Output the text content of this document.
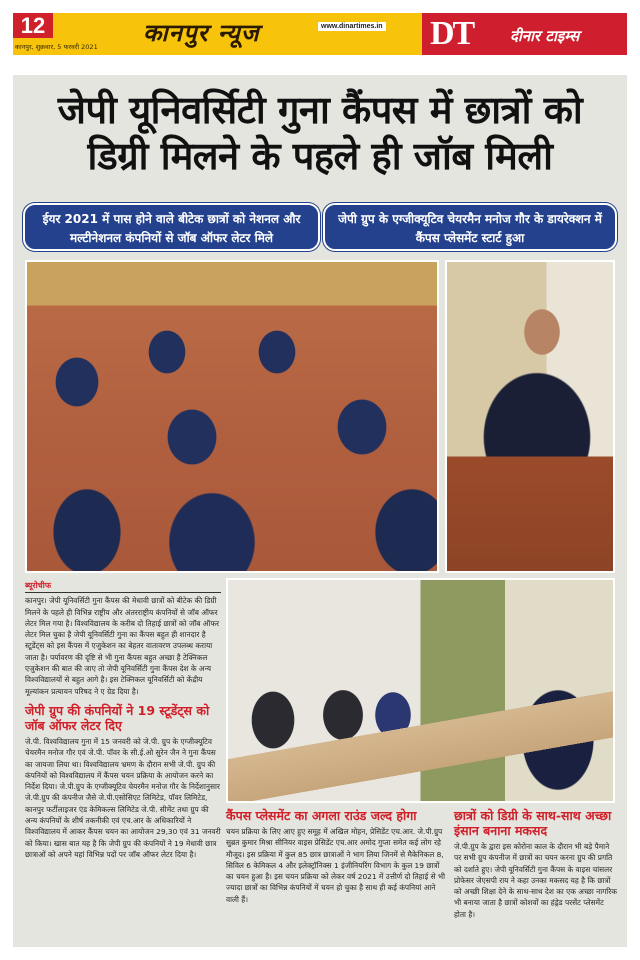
12
कानपुर, शुक्रवार, 5 फरवरी 2021 कानपुर न्यूज	www.dinartimes.in DT दीनार टाइम्स
जेपी यूनिवर्सिटी गुना कैंपस में छात्रों को डिग्री मिलने के पहले ही जॉब मिली
ईयर 2021 में पास होने वाले बीटेक छात्रों को नेशनल और मल्टीनेशनल कंपनियों से जॉब ऑफर लेटर मिले
जेपी ग्रुप के एग्जीक्यूटिव चेयरमैन मनोज गौर के डायरेक्शन में कैंपस प्लेसमेंट स्टार्ट हुआ
ब्यूरोचीफ

कानपुर। जेपी यूनिवर्सिटी गुना कैंपस की मेधावी छात्रों को बीटेक की डिग्री मिलने के पहले ही विभिन्न राष्ट्रीय और अंतरराष्ट्रीय कंपनियों से जॉब ऑफर लेटर मिल गया है। विश्वविद्यालय के करीब दो तिहाई छात्रों को जॉब ऑफर लेटर मिल चुका है जेपी यूनिवर्सिटी गुना का कैंपस बहुत ही शानदार है स्टूडेंट्स को इस कैंपस में एजुकेशन का बेहतर वातावरण उपलब्ध कराया जाता है। पर्यावरण की दृष्टि से भी गुना कैंपस बहुत अच्छा है टेक्निकल एजुकेशन की बात की जाए तो जेपी यूनिवर्सिटी गुना कैंपस देश के अन्य विश्वविद्यालयों से बहुत आगे है। इस टेक्निकल यूनिवर्सिटी को केंद्रीय मूल्यांकन प्रत्यायन परिषद ने ए ग्रेड दिया है।

जेपी ग्रुप की कंपनियों ने 19 स्टूडेंट्स को जॉब ऑफर लेटर दिए

जे.पी. विश्वविद्यालय गुना में 15 जनवरी को जे.पी. ग्रुप के एग्जीक्यूटिव चेयरमैन मनोज गौर एवं जे.पी. पॉवर के सी.ई.ओ सुरेन जैन ने गुना कैंपस का जायजा लिया था। विश्वविद्यालय भ्रमण के दौरान सभी जे.पी. ग्रुप की कंपनियों को विश्वविद्यालय में कैंपस चयन प्रक्रिया के आयोजन करने का निर्देश दिया। जे.पी.ग्रुप के एग्जीक्यूटिव चेयरमैन मनोज गौर के निर्देशानुसार जे.पी.ग्रुप की कंपनीज जैसे जे.पी.एसोसिएट लिमिटेड, पॉवर लिमिटेड, कानपुर फर्टीलाइजर एंड केमिकल्स लिमिटेड जे.पी. सीमेंट तथा ग्रुप की अन्य कंपनियों के शीर्ष तकनीकी एवं एच.आर के अधिकारियों ने विश्वविद्यालय में आकर कैंपस चयन का आयोजन 29,30 एवं 31 जनवरी को किया। खास बात यह है कि जेपी ग्रुप की कंपनियों ने 19 मेधावी छात्र छात्राओं को अपने यहां विभिन्न पदों पर जॉब ऑफर लेटर दिया है।

कैंपस प्लेसमेंट का अगला राउंड जल्द होगा

चयन प्रक्रिया के लिए आए हुए समूह में अखिल मोहन, प्रेसिडेंट एच.आर. जे.पी.ग्रुप सुब्रत कुमार मिश्रा सीनियर वाइस प्रेसिडेंट एच.आर अमोद गुप्ता समेत कई लोग रहे मौजूद। इस प्रक्रिया में कुल 85 छात्र छात्राओं ने भाग लिया जिनमें से मैकेनिकल 8, सिविल 6 केमिकल 4 और इलेक्ट्रॉनिक्स 1 इंजीनियरिंग विभाग के कुल 19 छात्रों का चयन हुआ है। इस चयन प्रक्रिया को लेकर वर्ष 2021 में उत्तीर्ण दो तिहाई से भी ज्यादा छात्रों का विभिन्न कंपनियों में चयन हो चुका है साथ ही कई कंपनियां आने वाली हैं।

छात्रों को डिग्री के साथ-साथ अच्छा इंसान बनाना मकसद

जे.पी.ग्रुप के द्वारा इस कोरोना काल के दौरान भी बड़े पैमाने पर सभी ग्रुप कंपनीज में छात्रों का चयन करना ग्रुप की प्रगति को दर्शाते हुए। जेपी यूनिवर्सिटी गुना कैंपस के वाइस चांसलर प्रोफेसर जेएसपी राय ने कहा उनका मकसद यह है कि छात्रों को अच्छी शिक्षा देने के साथ-साथ देश का एक अच्छा नागरिक भी बनाया जाता है छात्रों कोशवों का हंड्रेड परसेंट प्लेसमेंट होता है।
